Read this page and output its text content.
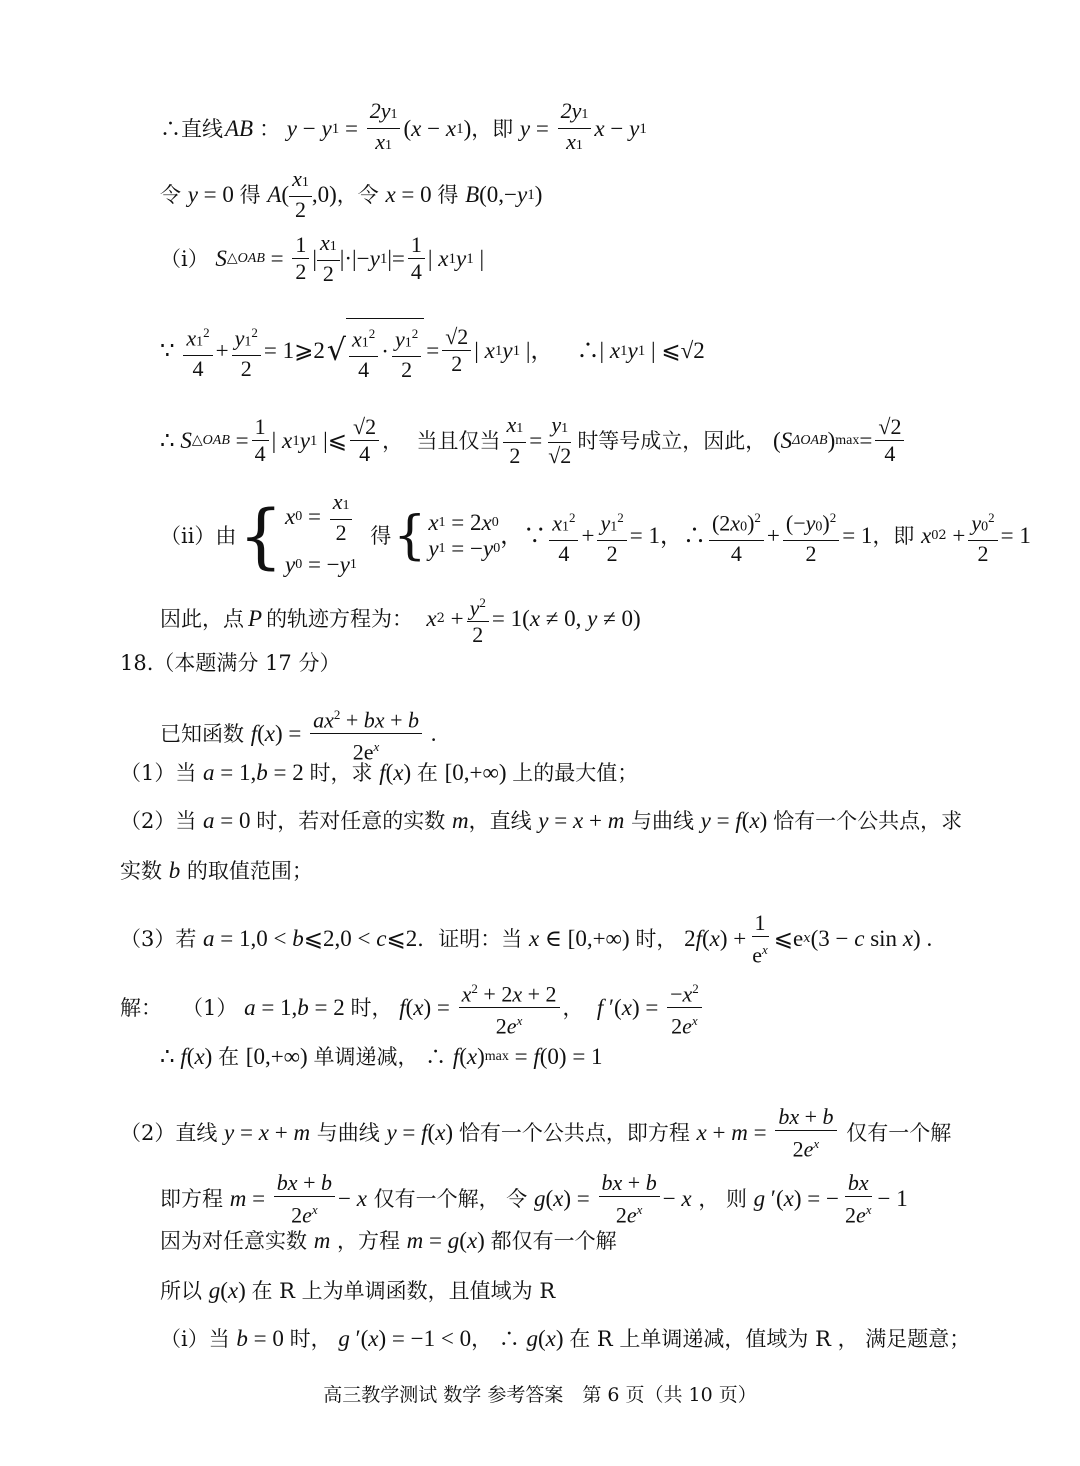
∴直线 AB ： y − y $1 = \frac{2y1}{x1}$ ( x − x 1 ) ，即 $y = \frac{2y1}{x1}$ x − y 1
令 y = 0 得 A ( $\frac{x1}{2} ,0$) ，令 x = 0 得 B (0,− y 1 )
（i） S △OAB = $\frac{1}{2}$ | $\frac{x1}{2}$ |·|− y 1 |= $\frac{1}{4}$ | x 1 y 1 |
∵ $\frac{x1^2}{4} + \frac{y1^2}{2}$ = 1⩾2 √ $\frac{x1^2}{4} \cdot \frac{y1^2}{2} = \frac{√2}{2}$ | x 1 y 1 |，    ∴| x 1 y 1 | ⩽√2
∴ S △OAB = $\frac{1}{4}$ | x 1 y 1 |⩽ $\frac{√2}{4}$ ，  当且仅当 $\frac{x1}{2} = \frac{y1}{√2}$ 时等号成立，因此， ( S ΔOAB ) $\max = \frac{√2}{4}$
（ii）由 { x $0 = \frac{x1}{2}$
y 0 = − y 1
得 { x 1 = 2 x 0
y 1 = − y 0
，∵ $\frac{x1^2}{4} + \frac{y1^2}{2} = 1$，∴ $\frac{(2x0)^2}{4} + \frac{(-y0)^2}{2} = 1$ ，即 x 0 $2 + \frac{y0^2}{2} = 1$
因此，点 P 的轨迹方程为： x $2 + \frac{y^2}{2} = 1$( x ≠ 0, y ≠ 0)
18.（本题满分 17 分）
已知函数 f ( x ) = $\frac{ax^2 + bx + b}{2e^x}$ .
（1）当 a = 1, b = 2 时，求 f ( x ) 在 [0,+∞) 上的最大值；
（2）当 a = 0 时，若对任意的实数 m ，直线 y = x + m 与曲线 y = f ( x ) 恰有一个公共点，求
实数 b 的取值范围；
（3）若 a = 1,0 < b ⩽2,0 < c ⩽2 ．证明：当 x ∈ [0,+∞) 时， 2 f ( x ) + $\frac{1}{e^x}$ ⩽e x (3 − c sin x ) .
解：   （1） a = 1, b = 2 时， f ( x ) = $\frac{x^2 + 2x + 2}{2e^x}$ ， f ′( x ) = $\frac{-x^2}{2e^x}$
∴ f ( x ) 在 [0,+∞) 单调递减， ∴ f ( x ) max = f (0) = 1
（2）直线 y = x + m 与曲线 y = f ( x ) 恰有一个公共点，即方程 $x + m = \frac{bx + b}{2e^x}$ 仅有一个解
即方程 $m = \frac{bx + b}{2e^x} - x$ 仅有一个解， 令 g ( x ) = $\frac{bx + b}{2e^x} - x$ ， 则 g ′( x ) = − $\frac{bx}{2e^x} - 1$
因为对任意实数 m ，方程 m = g ( x ) 都仅有一个解
所以 g ( x ) 在 R 上为单调函数，且值域为 R
（i）当 b = 0 时， g ′( x ) = −1 < 0 ， ∴ g ( x ) 在 R 上单调递减，值域为 R ， 满足题意；
高三教学测试 数学 参考答案　第 6 页（共 10 页）
